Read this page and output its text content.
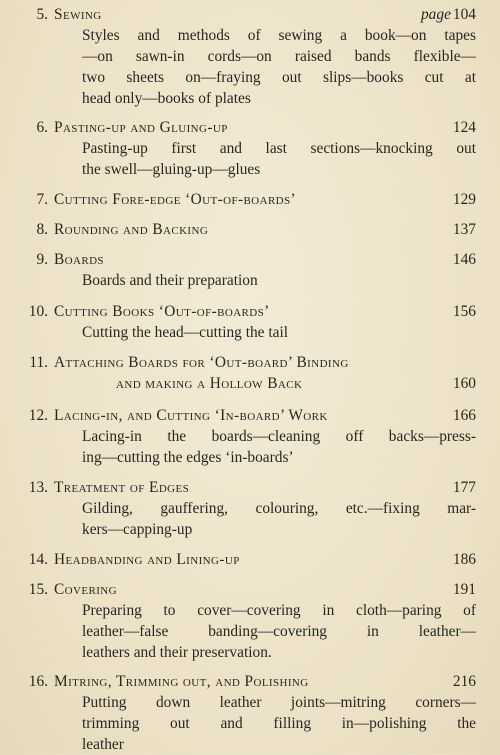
5. Sewing	page 104
Styles and methods of sewing a book—on tapes
—on sawn-in cords—on raised bands flexible—
two sheets on—fraying out slips—books cut at
head only—books of plates
6. Pasting-up and Gluing-up	124
Pasting-up first and last sections—knocking out
the swell—gluing-up—glues
7. Cutting Fore-edge ‘Out-of-boards’	129
8. Rounding and Backing	137
9. Boards	146
Boards and their preparation
10. Cutting Books ‘Out-of-boards’	156
Cutting the head—cutting the tail
11. Attaching Boards for ‘Out-board’ Binding
and making a Hollow Back	160
12. Lacing-in, and Cutting ‘In-board’ Work	166
Lacing-in the boards—cleaning off backs—press-
ing—cutting the edges ‘in-boards’
13. Treatment of Edges	177
Gilding, gauffering, colouring, etc.—fixing mar-
kers—capping-up
14. Headbanding and Lining-up	186
15. Covering	191
Preparing to cover—covering in cloth—paring of
leather—false banding—covering in leather—
leathers and their preservation.
16. Mitring, Trimming out, and Polishing	216
Putting down leather joints—mitring corners—
trimming out and filling in—polishing the
leather
